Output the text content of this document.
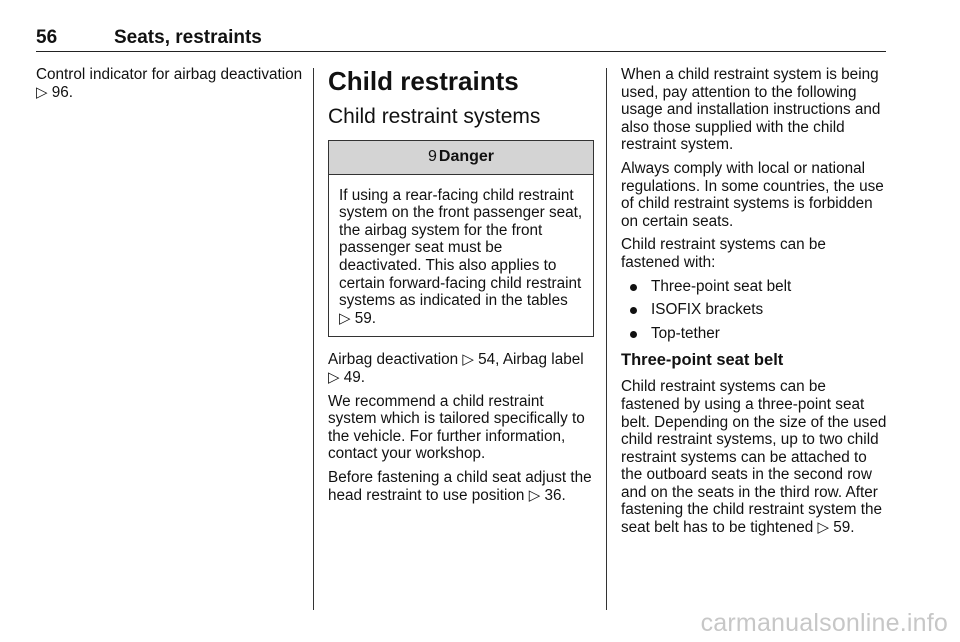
56	Seats, restraints

Control indicator for airbag deactivation ▷ 96.	Child restraints
Child restraint systems
9 Danger
If using a rear-facing child restraint system on the front passenger seat, the airbag system for the front passenger seat must be deactivated. This also applies to certain forward-facing child restraint systems as indicated in the tables ▷ 59.

Airbag deactivation ▷ 54, Airbag label ▷ 49.

We recommend a child restraint system which is tailored specifically to the vehicle. For further information, contact your workshop.

Before fastening a child seat adjust the head restraint to use position ▷ 36.

When a child restraint system is being used, pay attention to the following usage and installation instructions and also those supplied with the child restraint system.

Always comply with local or national regulations. In some countries, the use of child restraint systems is forbidden on certain seats.

Child restraint systems can be fastened with:

Three-point seat belt
ISOFIX brackets
Top-tether
Three-point seat belt

Child restraint systems can be fastened by using a three-point seat belt. Depending on the size of the used child restraint systems, up to two child restraint systems can be attached to the outboard seats in the second row and on the seats in the third row. After fastening the child restraint system the seat belt has to be tightened ▷ 59.

carmanualsonline.info
